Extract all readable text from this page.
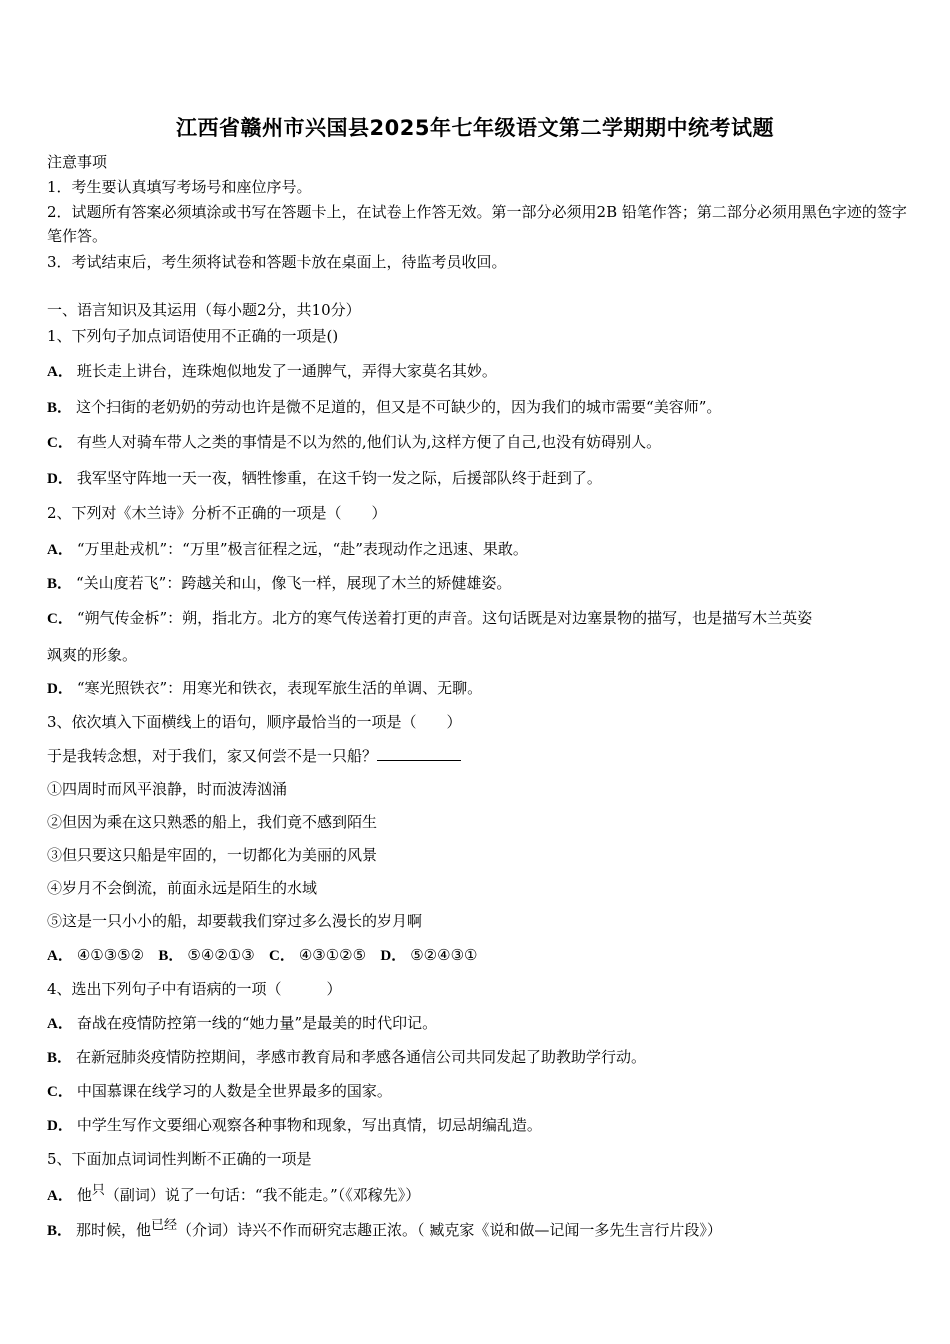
江西省赣州市兴国县2025年七年级语文第二学期期中统考试题
注意事项
1．考生要认真填写考场号和座位序号。
2．试题所有答案必须填涂或书写在答题卡上，在试卷上作答无效。第一部分必须用2B 铅笔作答；第二部分必须用黑色字迹的签字笔作答。
3．考试结束后，考生须将试卷和答题卡放在桌面上，待监考员收回。
一、语言知识及其运用（每小题2分，共10分）
1、下列句子加点词语使用不正确的一项是()
A． 班长走上讲台，连珠炮似地发了一通脾气，弄得大家莫名其妙。
B． 这个扫街的老奶奶的劳动也许是微不足道的，但又是不可缺少的，因为我们的城市需要“美容师”。
C． 有些人对骑车带人之类的事情是不以为然的,他们认为,这样方便了自己,也没有妨碍别人。
D． 我军坚守阵地一天一夜，牺牲惨重，在这千钧一发之际，后援部队终于赶到了。
2、下列对《木兰诗》分析不正确的一项是（　　）
A． “万里赴戎机”：“万里”极言征程之远，“赴”表现动作之迅速、果敢。
B． “关山度若飞”：跨越关和山，像飞一样，展现了木兰的矫健雄姿。
C． “朔气传金柝”：朔，指北方。北方的寒气传送着打更的声音。这句话既是对边塞景物的描写，也是描写木兰英姿
飒爽的形象。
D． “寒光照铁衣”：用寒光和铁衣，表现军旅生活的单调、无聊。
3、依次填入下面横线上的语句，顺序最恰当的一项是（　　）
于是我转念想，对于我们，家又何尝不是一只船？
①四周时而风平浪静，时而波涛汹涌
②但因为乘在这只熟悉的船上，我们竟不感到陌生
③但只要这只船是牢固的，一切都化为美丽的风景
④岁月不会倒流，前面永远是陌生的水域
⑤这是一只小小的船，却要载我们穿过多么漫长的岁月啊
A． ④①③⑤② B． ⑤④②①③ C． ④③①②⑤ D． ⑤②④③①
4、选出下列句子中有语病的一项（　　　）
A． 奋战在疫情防控第一线的“她力量”是最美的时代印记。
B． 在新冠肺炎疫情防控期间，孝感市教育局和孝感各通信公司共同发起了助教助学行动。
C． 中国慕课在线学习的人数是全世界最多的国家。
D． 中学生写作文要细心观察各种事物和现象，写出真情，切忌胡编乱造。
5、下面加点词词性判断不正确的一项是
A． 他只（副词）说了一句话：“我不能走。”（《邓稼先》）
B． 那时候，他已经（介词）诗兴不作而研究志趣正浓。（ 臧克家《说和做—记闻一多先生言行片段》）
